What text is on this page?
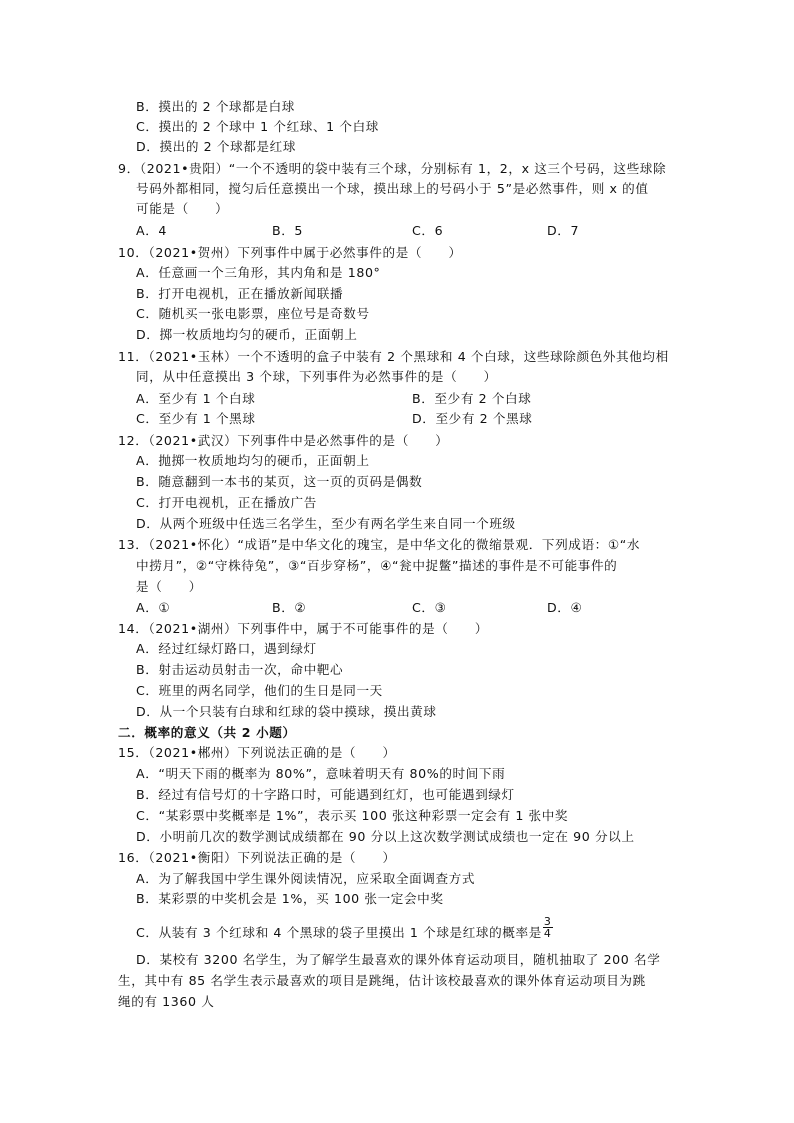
B．摸出的 2 个球都是白球
C．摸出的 2 个球中 1 个红球、1 个白球
D．摸出的 2 个球都是红球
9．（2021•贵阳）“一个不透明的袋中装有三个球，分别标有 1，2，x 这三个号码，这些球除
号码外都相同，搅匀后任意摸出一个球，摸出球上的号码小于 5”是必然事件，则 x 的值
可能是（　　）
A．4	B．5	C．6	D．7
10．（2021•贺州）下列事件中属于必然事件的是（　　）
A．任意画一个三角形，其内角和是 180°
B．打开电视机，正在播放新闻联播
C．随机买一张电影票，座位号是奇数号
D．掷一枚质地均匀的硬币，正面朝上
11．（2021•玉林）一个不透明的盒子中装有 2 个黑球和 4 个白球，这些球除颜色外其他均相
同，从中任意摸出 3 个球，下列事件为必然事件的是（　　）
A．至少有 1 个白球	B．至少有 2 个白球
C．至少有 1 个黑球	D．至少有 2 个黑球
12．（2021•武汉）下列事件中是必然事件的是（　　）
A．抛掷一枚质地均匀的硬币，正面朝上
B．随意翻到一本书的某页，这一页的页码是偶数
C．打开电视机，正在播放广告
D．从两个班级中任选三名学生，至少有两名学生来自同一个班级
13．（2021•怀化）“成语”是中华文化的瑰宝，是中华文化的微缩景观．下列成语：①“水
中捞月”，②“守株待兔”，③“百步穿杨”，④“瓮中捉鳖”描述的事件是不可能事件的
是（　　）
A．①	B．②	C．③	D．④
14．（2021•湖州）下列事件中，属于不可能事件的是（　　）
A．经过红绿灯路口，遇到绿灯
B．射击运动员射击一次，命中靶心
C．班里的两名同学，他们的生日是同一天
D．从一个只装有白球和红球的袋中摸球，摸出黄球
二．概率的意义（共 2 小题）
15．（2021•郴州）下列说法正确的是（　　）
A．“明天下雨的概率为 80%”，意味着明天有 80%的时间下雨
B．经过有信号灯的十字路口时，可能遇到红灯，也可能遇到绿灯
C．“某彩票中奖概率是 1%”，表示买 100 张这种彩票一定会有 1 张中奖
D．小明前几次的数学测试成绩都在 90 分以上这次数学测试成绩也一定在 90 分以上
16．（2021•衡阳）下列说法正确的是（　　）
A．为了解我国中学生课外阅读情况，应采取全面调查方式
B．某彩票的中奖机会是 1%，买 100 张一定会中奖
C．从装有 3 个红球和 4 个黑球的袋子里摸出 1 个球是红球的概率是 $\frac{3}{4}$
D．某校有 3200 名学生，为了解学生最喜欢的课外体育运动项目，随机抽取了 200 名学
生，其中有 85 名学生表示最喜欢的项目是跳绳，估计该校最喜欢的课外体育运动项目为跳
绳的有 1360 人
